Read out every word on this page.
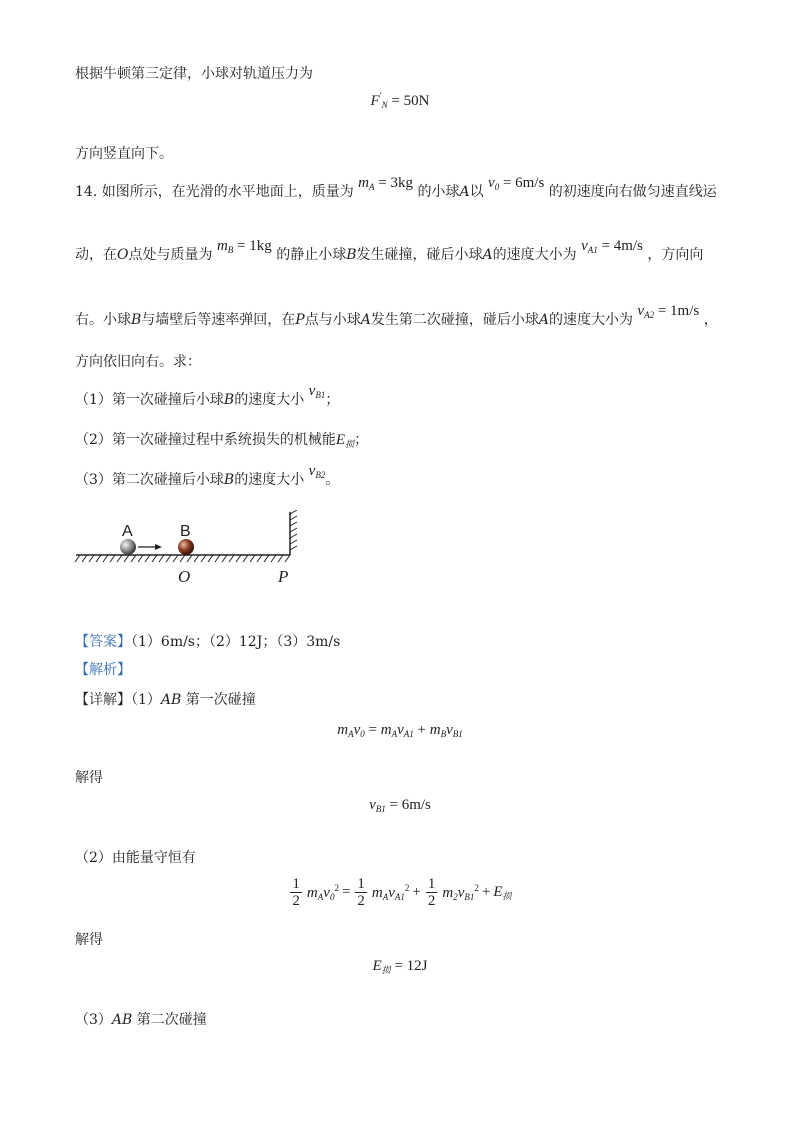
根据牛顿第三定律，小球对轨道压力为
$F'_N = 50N$
方向竖直向下。
14. 如图所示，在光滑的水平地面上，质量为 $m_A = 3kg$ 的小球A以 $v_0 = 6m/s$ 的初速度向右做匀速直线运
动，在O点处与质量为 $m_B = 1kg$ 的静止小球B发生碰撞，碰后小球A的速度大小为 $v_{A1} = 4m/s$ ，方向向
右。小球B与墙壁后等速率弹回，在P点与小球A发生第二次碰撞，碰后小球A的速度大小为 $v_{A2} = 1m/s$ ，
方向依旧向右。求：
（1）第一次碰撞后小球B的速度大小 $v_{B1}$；
（2）第一次碰撞过程中系统损失的机械能$E_损$；
（3）第二次碰撞后小球B的速度大小 $v_{B2}$。
A	B
O	P
【答案】（1）6m/s；（2）12J；（3）3m/s
【解析】
【详解】（1）AB 第一次碰撞
$m_Av_0 = m_Av_{A1} + m_Bv_{B1}$
解得
$v_{B1} = 6m/s$
（2）由能量守恒有
$\frac{1}{2} m_Av_0^2 = \frac{1}{2} m_Av_{A1}^2 + \frac{1}{2} m_2v_{B1}^2 + E_损$
解得
$E_损 = 12J$
（3）AB 第二次碰撞
